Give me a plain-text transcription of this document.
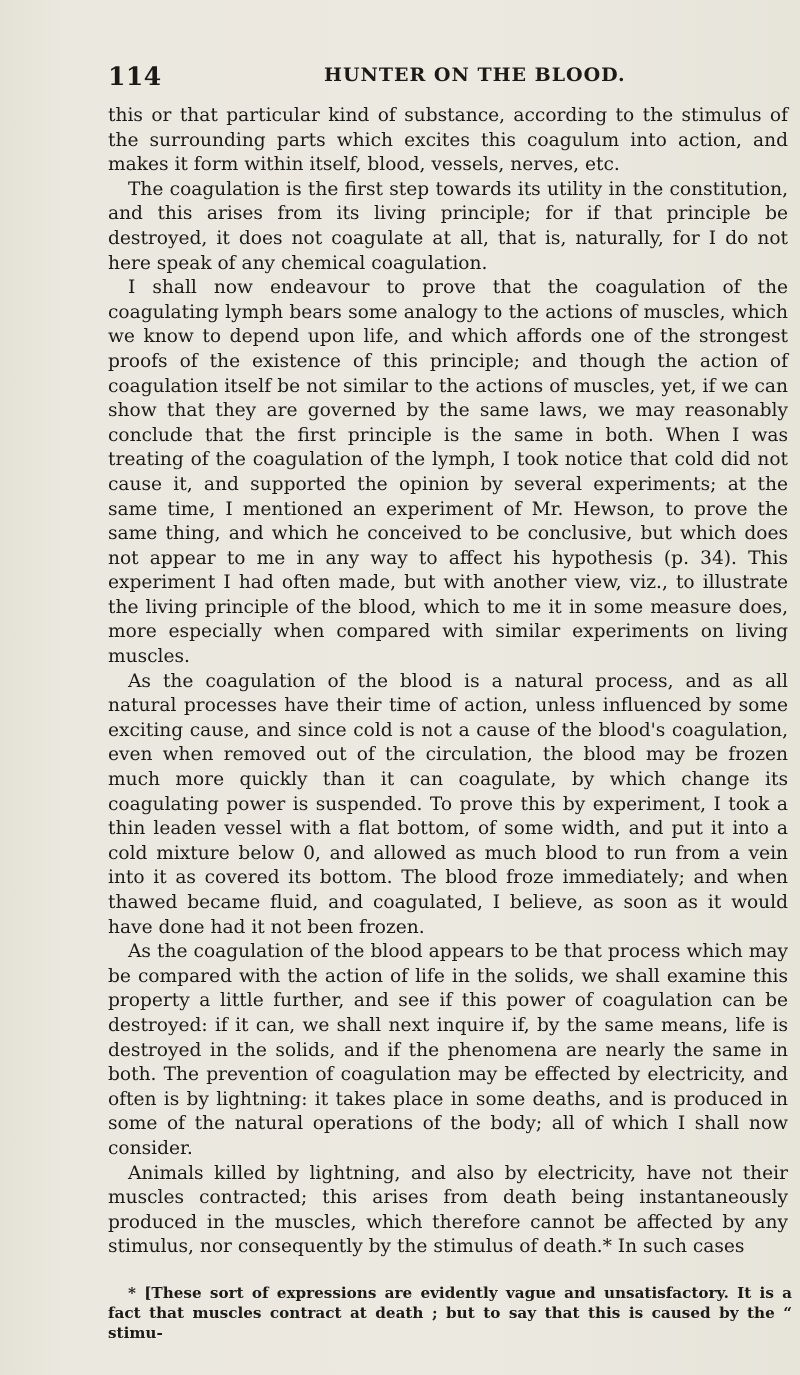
114	HUNTER ON THE BLOOD.

this or that particular kind of substance, according to the stimulus of the surrounding parts which excites this coagulum into action, and makes it form within itself, blood, vessels, nerves, etc.

The coagulation is the first step towards its utility in the constitution, and this arises from its living principle; for if that principle be destroyed, it does not coagulate at all, that is, naturally, for I do not here speak of any chemical coagulation.

I shall now endeavour to prove that the coagulation of the coagulating lymph bears some analogy to the actions of muscles, which we know to depend upon life, and which affords one of the strongest proofs of the existence of this principle; and though the action of coagulation itself be not similar to the actions of muscles, yet, if we can show that they are governed by the same laws, we may reasonably conclude that the first principle is the same in both. When I was treating of the coagulation of the lymph, I took notice that cold did not cause it, and supported the opinion by several experiments; at the same time, I mentioned an experiment of Mr. Hewson, to prove the same thing, and which he conceived to be conclusive, but which does not appear to me in any way to affect his hypothesis (p. 34). This experiment I had often made, but with another view, viz., to illustrate the living principle of the blood, which to me it in some measure does, more especially when compared with similar experiments on living muscles.

As the coagulation of the blood is a natural process, and as all natural processes have their time of action, unless influenced by some exciting cause, and since cold is not a cause of the blood's coagulation, even when removed out of the circulation, the blood may be frozen much more quickly than it can coagulate, by which change its coagulating power is suspended. To prove this by experiment, I took a thin leaden vessel with a flat bottom, of some width, and put it into a cold mixture below 0, and allowed as much blood to run from a vein into it as covered its bottom. The blood froze immediately; and when thawed became fluid, and coagulated, I believe, as soon as it would have done had it not been frozen.

As the coagulation of the blood appears to be that process which may be compared with the action of life in the solids, we shall examine this property a little further, and see if this power of coagulation can be destroyed: if it can, we shall next inquire if, by the same means, life is destroyed in the solids, and if the phenomena are nearly the same in both. The prevention of coagulation may be effected by electricity, and often is by lightning: it takes place in some deaths, and is produced in some of the natural operations of the body; all of which I shall now consider.

Animals killed by lightning, and also by electricity, have not their muscles contracted; this arises from death being instantaneously produced in the muscles, which therefore cannot be affected by any stimulus, nor consequently by the stimulus of death.* In such cases

* [These sort of expressions are evidently vague and unsatisfactory. It is a fact that muscles contract at death ; but to say that this is caused by the “ stimu-
